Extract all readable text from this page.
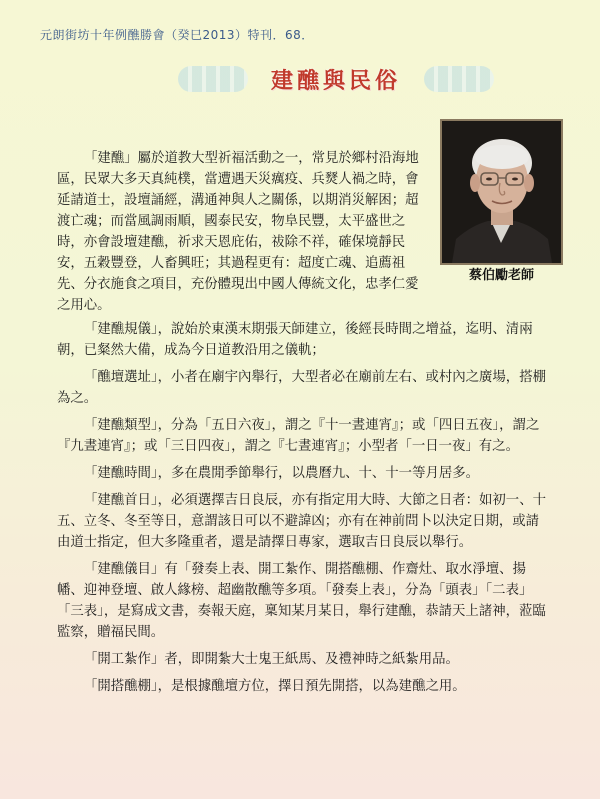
元朗街坊十年例醮勝會（癸巳2013）特刊．68．
建醮與民俗
蔡伯勵老師

「建醮」屬於道教大型祈福活動之一，常見於鄉村沿海地區，民眾大多天真純樸，當遭遇天災癘疫、兵燹人禍之時，會延請道士，設壇誦經，溝通神與人之關係，以期消災解困；超渡亡魂；而當風調雨順，國泰民安，物阜民豐，太平盛世之時，亦會設壇建醮，祈求天恩庇佑，祓除不祥，確保境靜民安，五穀豐登，人畜興旺；其過程更有：超度亡魂、追薦祖先、分衣施食之項目，充份體現出中國人傳統文化，忠孝仁愛之用心。

「建醮規儀」，說始於東漢末期張天師建立，後經長時間之增益，迄明、清兩朝，已粲然大備，成為今日道教沿用之儀軌；

「醮壇選址」，小者在廟宇內舉行，大型者必在廟前左右、或村內之廣場，搭棚為之。

「建醮類型」，分為「五日六夜」，謂之『十一晝連宵』；或「四日五夜」，謂之『九晝連宵』；或「三日四夜」，謂之『七晝連宵』；小型者「一日一夜」有之。

「建醮時間」，多在農閒季節舉行，以農曆九、十、十一等月居多。

「建醮首日」，必須選擇吉日良辰，亦有指定用大時、大節之日者：如初一、十五、立冬、冬至等日，意謂該日可以不避諱凶；亦有在神前問卜以決定日期，或請由道士指定，但大多隆重者，還是請擇日專家，選取吉日良辰以舉行。

「建醮儀目」有「發奏上表、開工紮作、開搭醮棚、作齋灶、取水淨壇、揚幡、迎神登壇、啟人緣榜、超幽散醮等多項。「發奏上表」，分為「頭表」「二表」「三表」，是寫成文書，奏報天庭，稟知某月某日，舉行建醮，恭請天上諸神，蒞臨監察，贈福民間。

「開工紮作」者，即開紮大士鬼王紙馬、及禮神時之紙紮用品。

「開搭醮棚」，是根據醮壇方位，擇日預先開搭，以為建醮之用。
